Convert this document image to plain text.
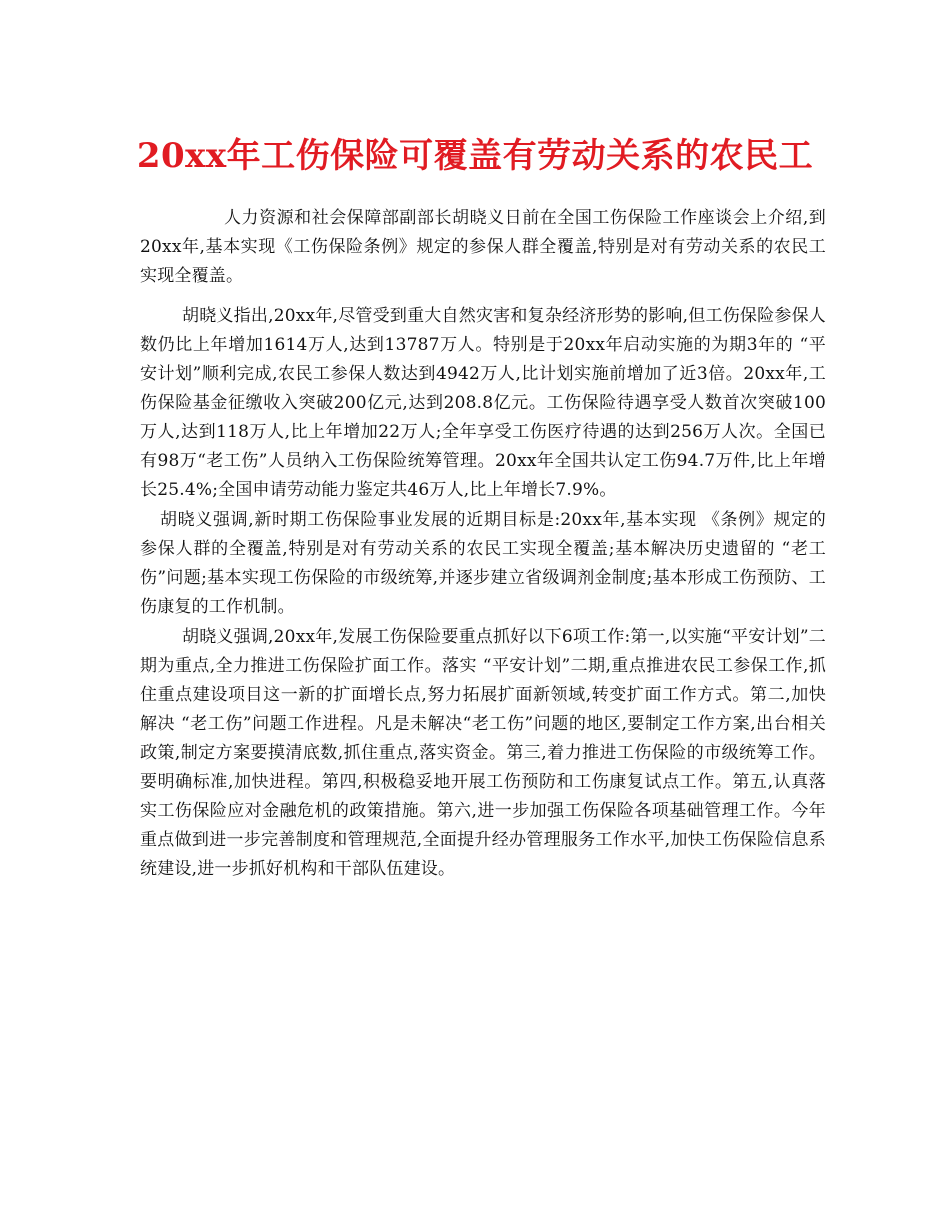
20xx年工伤保险可覆盖有劳动关系的农民工

人力资源和社会保障部副部长胡晓义日前在全国工伤保险工作座谈会上介绍,到20xx年,基本实现《工伤保险条例》规定的参保人群全覆盖,特别是对有劳动关系的农民工实现全覆盖。

胡晓义指出,20xx年,尽管受到重大自然灾害和复杂经济形势的影响,但工伤保险参保人数仍比上年增加1614万人,达到13787万人。特别是于20xx年启动实施的为期3年的 “平安计划”顺利完成,农民工参保人数达到4942万人,比计划实施前增加了近3倍。20xx年,工伤保险基金征缴收入突破200亿元,达到208.8亿元。工伤保险待遇享受人数首次突破100万人,达到118万人,比上年增加22万人;全年享受工伤医疗待遇的达到256万人次。全国已有98万“老工伤”人员纳入工伤保险统筹管理。20xx年全国共认定工伤94.7万件,比上年增长25.4%;全国申请劳动能力鉴定共46万人,比上年增长7.9%。

胡晓义强调,新时期工伤保险事业发展的近期目标是:20xx年,基本实现 《条例》规定的参保人群的全覆盖,特别是对有劳动关系的农民工实现全覆盖;基本解决历史遗留的 “老工伤”问题;基本实现工伤保险的市级统筹,并逐步建立省级调剂金制度;基本形成工伤预防、工伤康复的工作机制。

胡晓义强调,20xx年,发展工伤保险要重点抓好以下6项工作:第一,以实施“平安计划”二期为重点,全力推进工伤保险扩面工作。落实 “平安计划”二期,重点推进农民工参保工作,抓住重点建设项目这一新的扩面增长点,努力拓展扩面新领域,转变扩面工作方式。第二,加快解决 “老工伤”问题工作进程。凡是未解决“老工伤”问题的地区,要制定工作方案,出台相关政策,制定方案要摸清底数,抓住重点,落实资金。第三,着力推进工伤保险的市级统筹工作。要明确标准,加快进程。第四,积极稳妥地开展工伤预防和工伤康复试点工作。第五,认真落实工伤保险应对金融危机的政策措施。第六,进一步加强工伤保险各项基础管理工作。今年重点做到进一步完善制度和管理规范,全面提升经办管理服务工作水平,加快工伤保险信息系统建设,进一步抓好机构和干部队伍建设。
